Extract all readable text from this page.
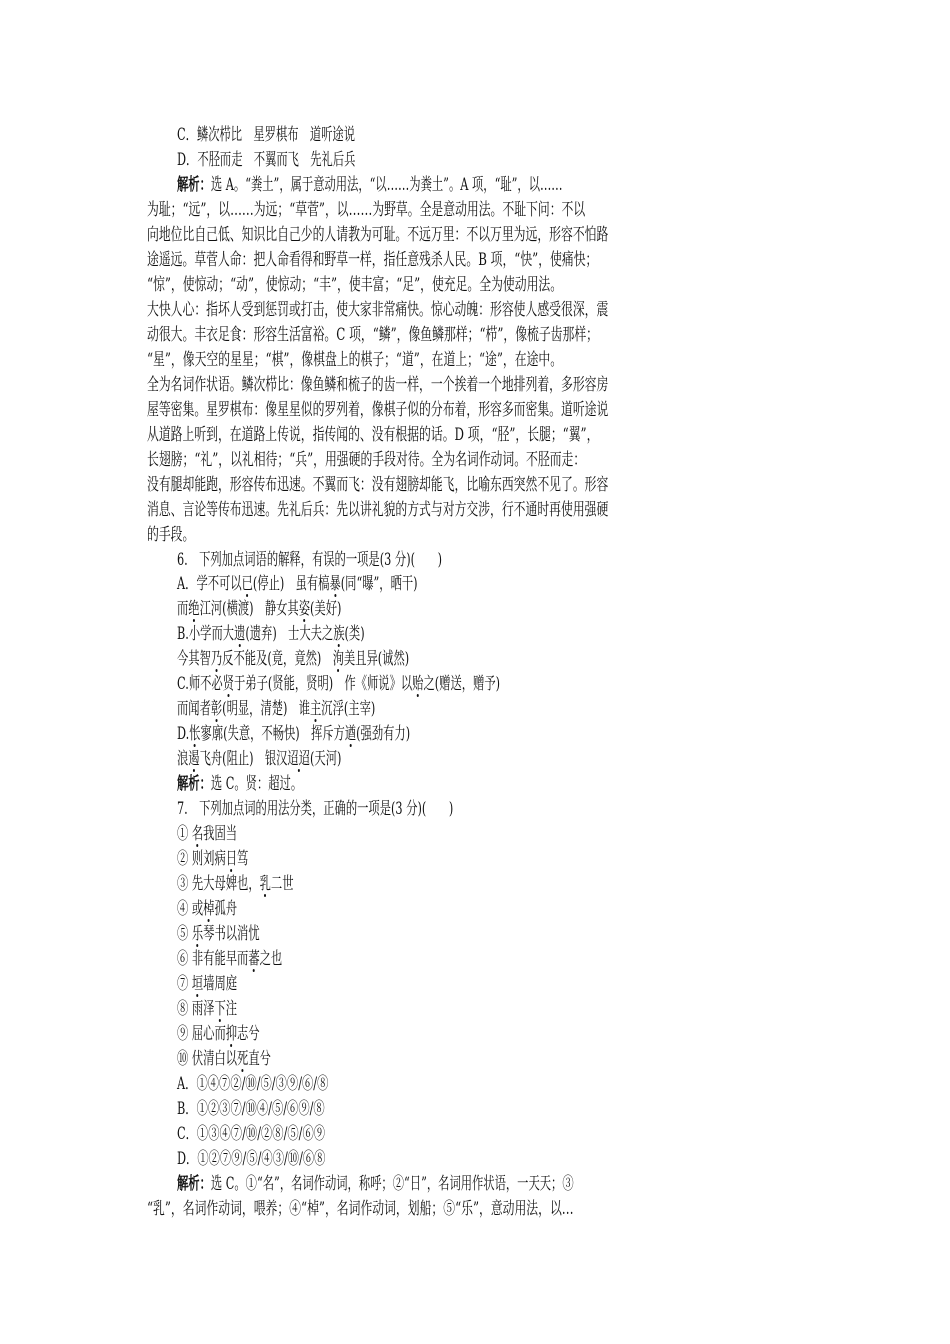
C．鳞次栉比　星罗棋布　道听途说
D．不胫而走　不翼而飞　先礼后兵
解析：选 A。“粪土”，属于意动用法，“以……为粪土”。A 项，“耻”，以……
为耻；“远”，以……为远；“草菅”，以……为野草。全是意动用法。不耻下问：不以
向地位比自己低、知识比自己少的人请教为可耻。不远万里：不以万里为远，形容不怕路
途遥远。草菅人命：把人命看得和野草一样，指任意残杀人民。B 项，“快”，使痛快；
“惊”，使惊动；“动”，使惊动；“丰”，使丰富；“足”，使充足。全为使动用法。
大快人心：指坏人受到惩罚或打击，使大家非常痛快。惊心动魄：形容使人感受很深，震
动很大。丰衣足食：形容生活富裕。C 项，“鳞”，像鱼鳞那样；“栉”，像梳子齿那样；
“星”，像天空的星星；“棋”，像棋盘上的棋子；“道”，在道上；“途”，在途中。
全为名词作状语。鳞次栉比：像鱼鳞和梳子的齿一样，一个挨着一个地排列着，多形容房
屋等密集。星罗棋布：像星星似的罗列着，像棋子似的分布着，形容多而密集。道听途说
从道路上听到，在道路上传说，指传闻的、没有根据的话。D 项，“胫”，长腿；“翼”，
长翅膀；“礼”，以礼相待；“兵”，用强硬的手段对待。全为名词作动词。不胫而走：
没有腿却能跑，形容传布迅速。不翼而飞：没有翅膀却能飞，比喻东西突然不见了。形容
消息、言论等传布迅速。先礼后兵：先以讲礼貌的方式与对方交涉，行不通时再使用强硬
的手段。
6.　下列加点词语的解释，有误的一项是(3 分)(　　)
A．学不可以已(停止)　虽有槁暴(同“曝”，晒干)
而绝江河(横渡)　静女其姿(美好)
B.小学而大遗(遗弃)　士大夫之族(类)
今其智乃反不能及(竟，竟然)　洵美且异(诚然)
C.师不必贤于弟子(贤能，贤明)　作《师说》以贻之(赠送，赠予)
而闻者彰(明显，清楚)　谁主沉浮(主宰)
D.怅寥廓(失意，不畅快)　挥斥方遒(强劲有力)
浪遏飞舟(阻止)　银汉迢迢(天河)
解析：选 C。贤：超过。
7.　下列加点词的用法分类，正确的一项是(3 分)(　　)
① 名我固当
② 则刘病日笃
③ 先大母婢也，乳二世
④ 或棹孤舟
⑤ 乐琴书以消忧
⑥ 非有能早而蕃之也
⑦ 垣墙周庭
⑧ 雨泽下注
⑨ 屈心而抑志兮
⑩ 伏清白以死直兮
A．①④⑦②/⑩/⑤/③⑨/⑥/⑧
B．①②③⑦/⑩④/⑤/⑥⑨/⑧
C．①③④⑦/⑩/②⑧/⑤/⑥⑨
D．①②⑦⑨/⑤/④③/⑩/⑥⑧
解析：选 C。①“名”，名词作动词，称呼；②“日”，名词用作状语，一天天；③
“乳”，名词作动词，喂养；④“棹”，名词作动词，划船；⑤“乐”，意动用法，以…
